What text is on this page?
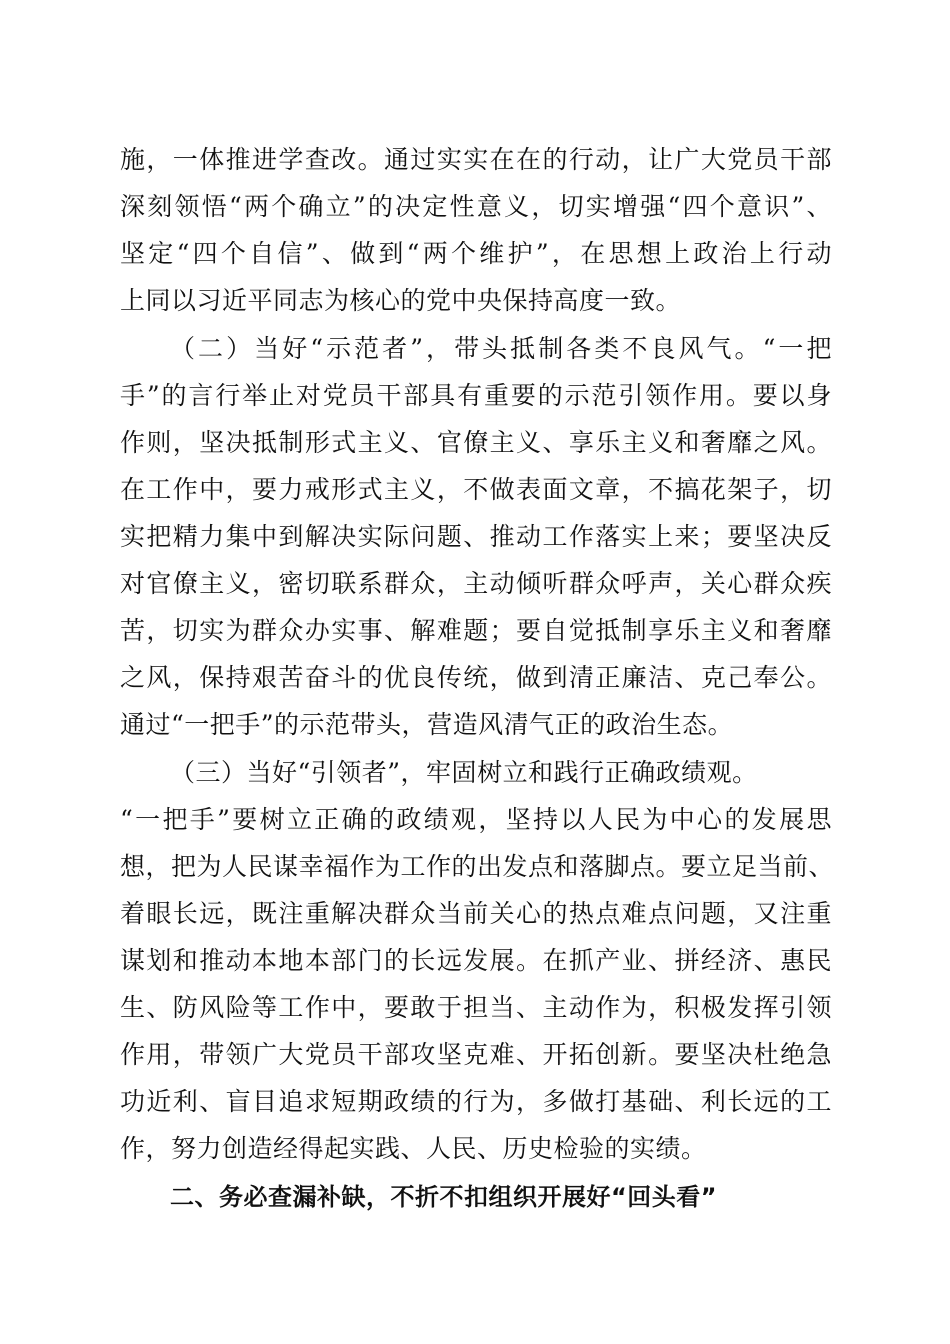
施，一体推进学查改。通过实实在在的行动，让广大党员干部
深刻领悟“两个确立”的决定性意义，切实增强“四个意识”、
坚定“四个自信”、做到“两个维护”，在思想上政治上行动
上同以习近平同志为核心的党中央保持高度一致。
（二）当好“示范者”，带头抵制各类不良风气。“一把
手”的言行举止对党员干部具有重要的示范引领作用。要以身
作则，坚决抵制形式主义、官僚主义、享乐主义和奢靡之风。
在工作中，要力戒形式主义，不做表面文章，不搞花架子，切
实把精力集中到解决实际问题、推动工作落实上来；要坚决反
对官僚主义，密切联系群众，主动倾听群众呼声，关心群众疾
苦，切实为群众办实事、解难题；要自觉抵制享乐主义和奢靡
之风，保持艰苦奋斗的优良传统，做到清正廉洁、克己奉公。
通过“一把手”的示范带头，营造风清气正的政治生态。
（三）当好“引领者”，牢固树立和践行正确政绩观。
“一把手”要树立正确的政绩观，坚持以人民为中心的发展思
想，把为人民谋幸福作为工作的出发点和落脚点。要立足当前、
着眼长远，既注重解决群众当前关心的热点难点问题，又注重
谋划和推动本地本部门的长远发展。在抓产业、拼经济、惠民
生、防风险等工作中，要敢于担当、主动作为，积极发挥引领
作用，带领广大党员干部攻坚克难、开拓创新。要坚决杜绝急
功近利、盲目追求短期政绩的行为，多做打基础、利长远的工
作，努力创造经得起实践、人民、历史检验的实绩。
二、务必查漏补缺，不折不扣组织开展好“回头看”
